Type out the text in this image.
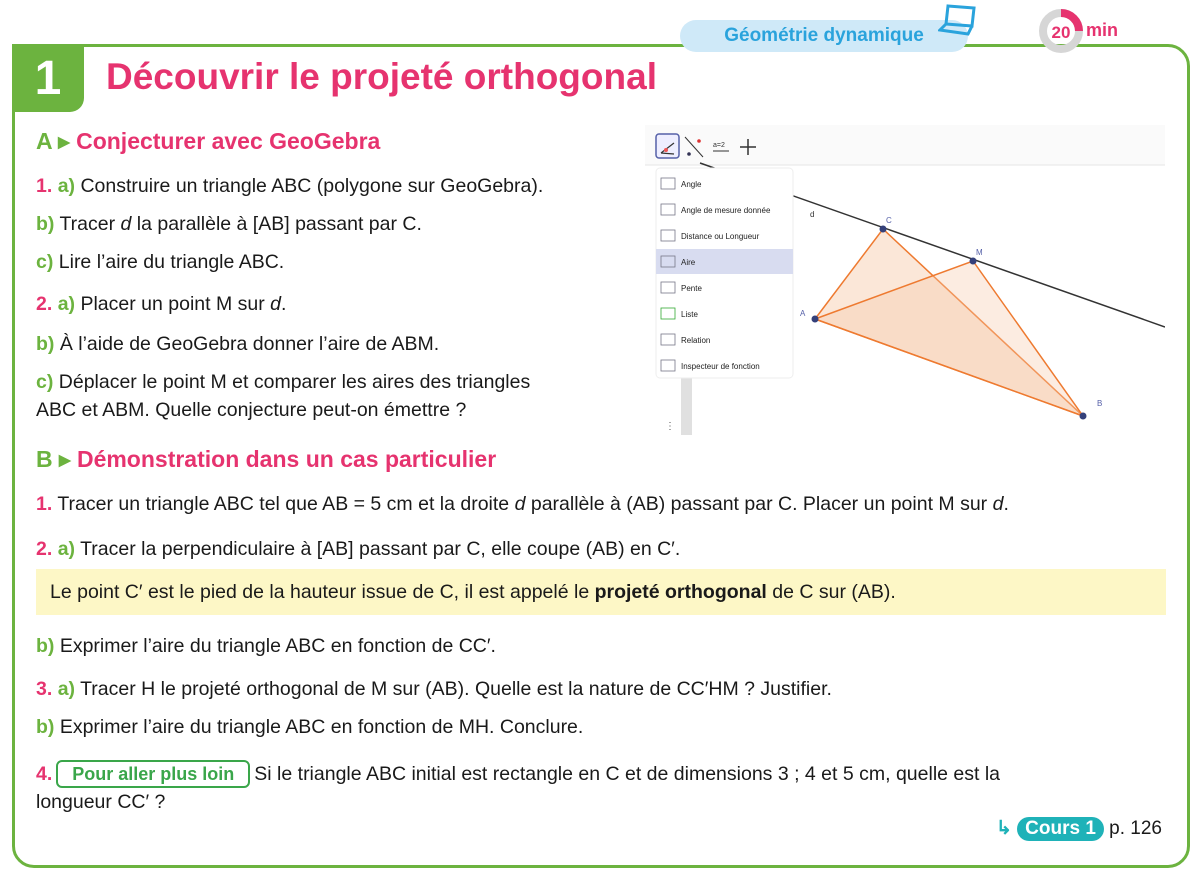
1	Découvrir le projeté orthogonal
Géométrie dynamique	20 min
A ▸ Conjecturer avec GeoGebra
1. a) Construire un triangle ABC (polygone sur GeoGebra).
b) Tracer d la parallèle à [AB] passant par C.
c) Lire l’aire du triangle ABC.
2. a) Placer un point M sur d.
b) À l’aide de GeoGebra donner l’aire de ABM.
c) Déplacer le point M et comparer les aires des triangles
ABC et ABM. Quelle conjecture peut-on émettre ?
a=2
d
A
C
M
B
⋮
Angle
Angle de mesure donnée
Distance ou Longueur
Aire
Pente
Liste
Relation
Inspecteur de fonction
B ▸ Démonstration dans un cas particulier
1. Tracer un triangle ABC tel que AB = 5 cm et la droite d parallèle à (AB) passant par C. Placer un point M sur d.
2. a) Tracer la perpendiculaire à [AB] passant par C, elle coupe (AB) en C′.
Le point C′ est le pied de la hauteur issue de C, il est appelé le projeté orthogonal de C sur (AB).
b) Exprimer l’aire du triangle ABC en fonction de CC′.
3. a) Tracer H le projeté orthogonal de M sur (AB). Quelle est la nature de CC′HM ? Justifier.
b) Exprimer l’aire du triangle ABC en fonction de MH. Conclure.
4. Pour aller plus loin Si le triangle ABC initial est rectangle en C et de dimensions 3 ; 4 et 5 cm, quelle est la
longueur CC′ ?
↳ Cours 1 p. 126
